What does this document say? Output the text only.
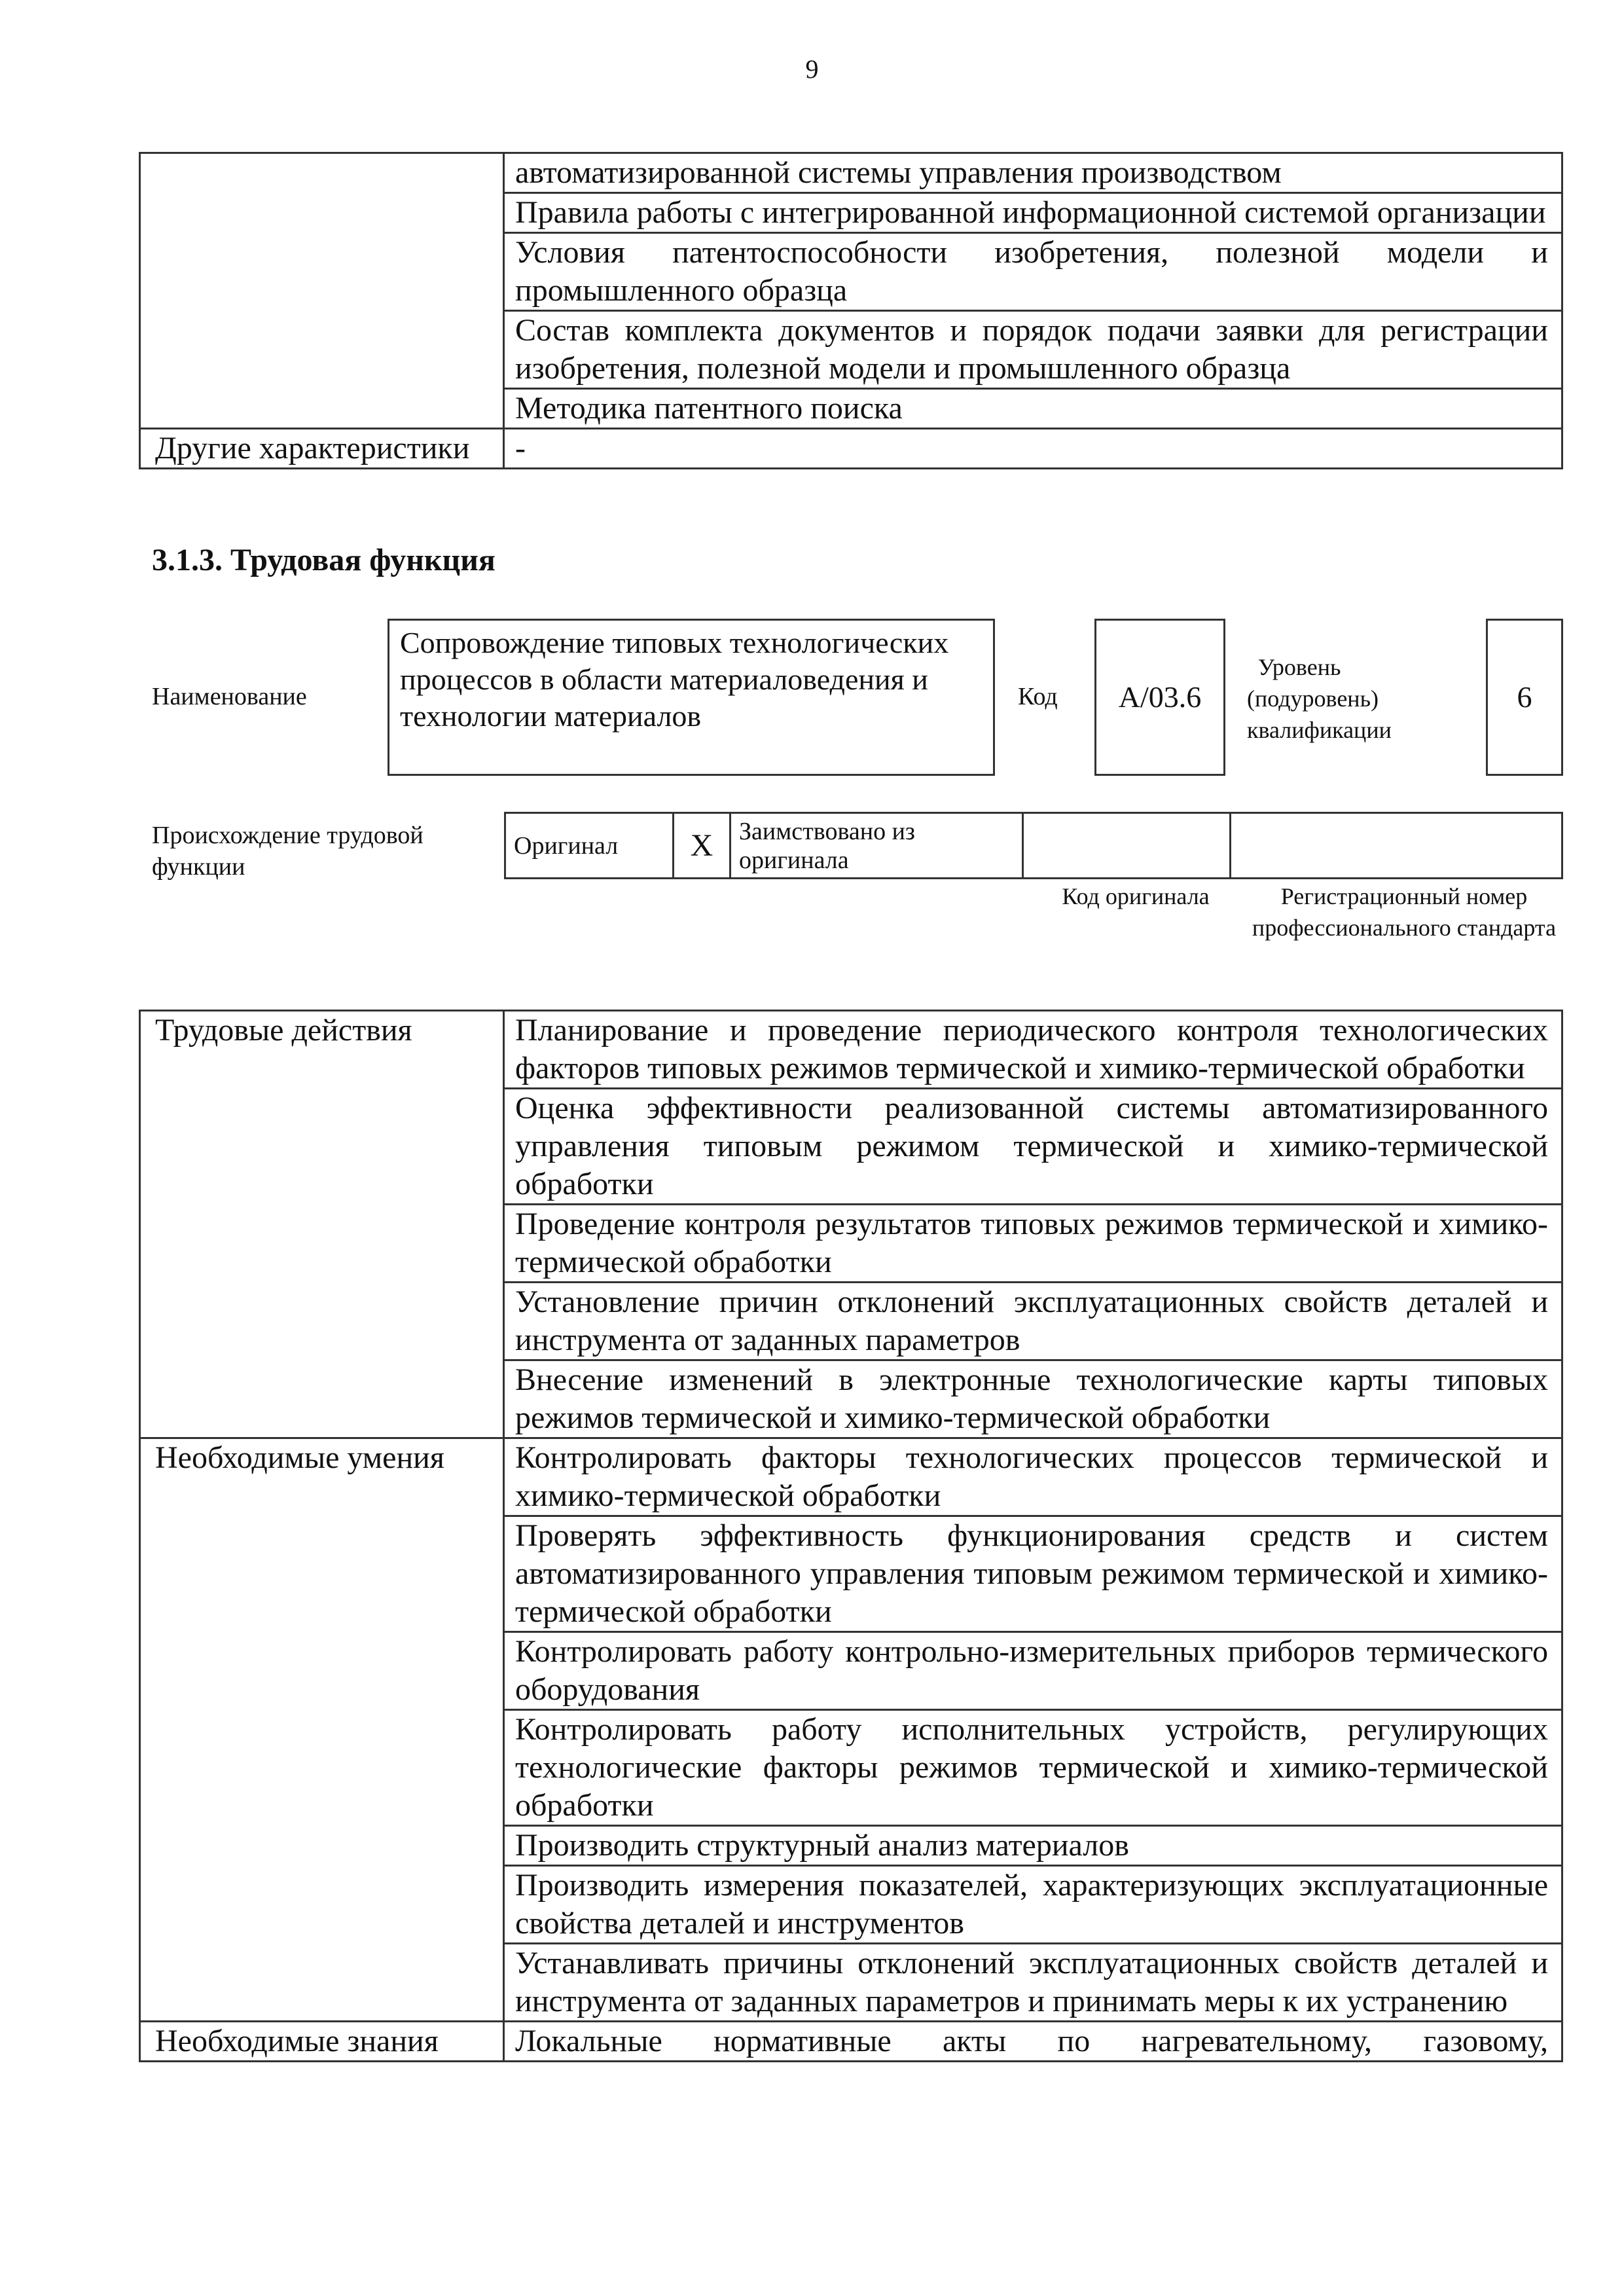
9
	автоматизированной системы управления производством
	Правила работы с интегрированной информационной системой организации
	Условия патентоспособности изобретения, полезной модели и промышленного образца
	Состав комплекта документов и порядок подачи заявки для регистрации изобретения, полезной модели и промышленного образца
	Методика патентного поиска
Другие характеристики	-
3.1.3. Трудовая функция
Наименование
Сопровождение типовых технологических процессов в области материаловедения и технологии материалов
Код	А/03.6
Уровень (подуровень) квалификации
6
Происхождение трудовой функции
Оригинал	X	Заимствовано из оригинала		
Код оригинала	Регистрационный номер профессионального стандарта
Трудовые действия	Планирование и проведение периодического контроля технологических факторов типовых режимов термической и химико-термической обработки
	Оценка эффективности реализованной системы автоматизированного управления типовым режимом термической и химико-термической обработки
	Проведение контроля результатов типовых режимов термической и химико-термической обработки
	Установление причин отклонений эксплуатационных свойств деталей и инструмента от заданных параметров
	Внесение изменений в электронные технологические карты типовых режимов термической и химико-термической обработки
Необходимые умения	Контролировать факторы технологических процессов термической и химико-термической обработки
	Проверять эффективность функционирования средств и систем автоматизированного управления типовым режимом термической и химико-термической обработки
	Контролировать работу контрольно-измерительных приборов термического оборудования
	Контролировать работу исполнительных устройств, регулирующих технологические факторы режимов термической и химико-термической обработки
	Производить структурный анализ материалов
	Производить измерения показателей, характеризующих эксплуатационные свойства деталей и инструментов
	Устанавливать причины отклонений эксплуатационных свойств деталей и инструмента от заданных параметров и принимать меры к их устранению
Необходимые знания	Локальные нормативные акты по нагревательному, газовому,
